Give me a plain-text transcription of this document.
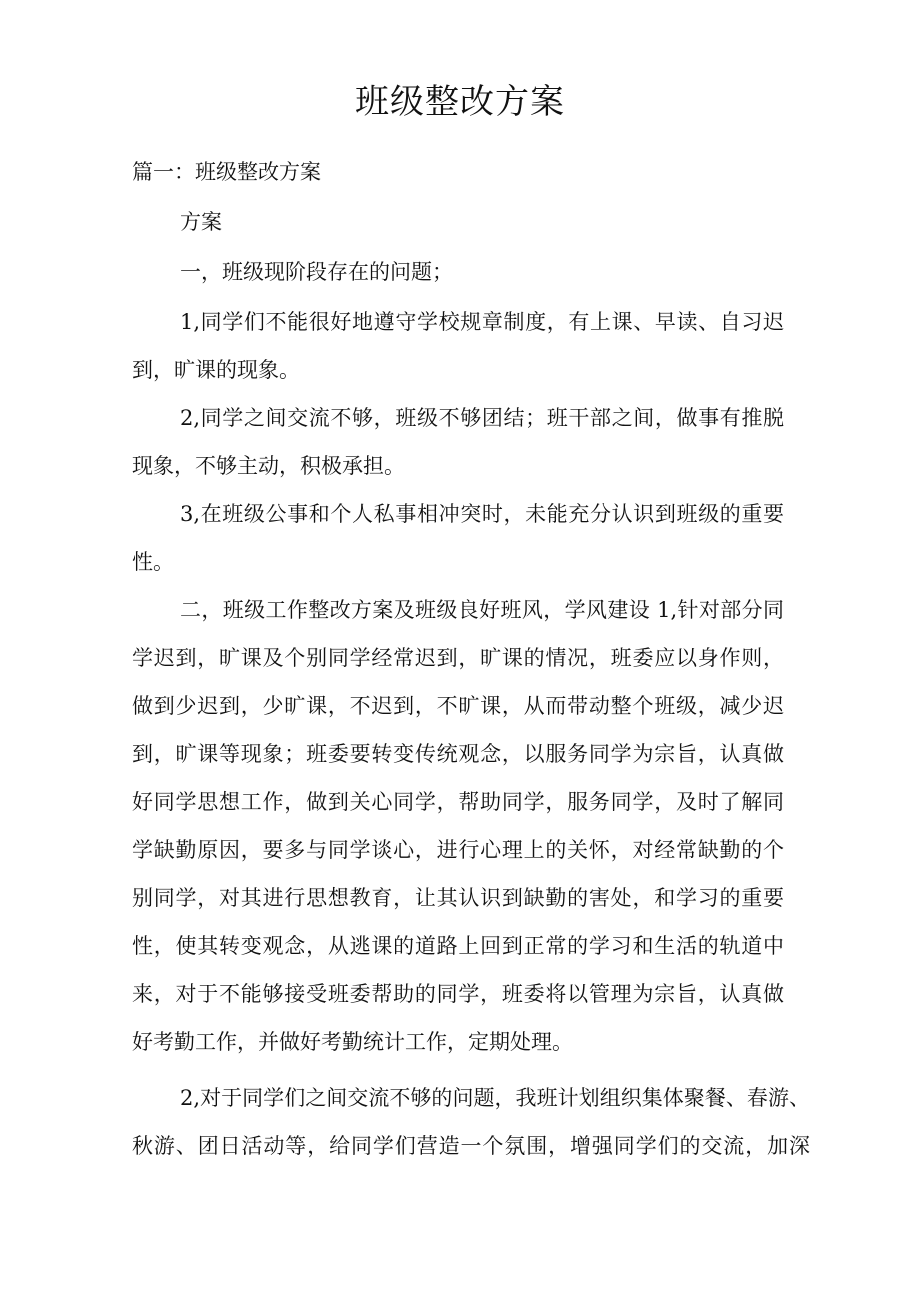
班级整改方案
篇一：班级整改方案
方案
一，班级现阶段存在的问题；
1,同学们不能很好地遵守学校规章制度，有上课、早读、自习迟
到，旷课的现象。
2,同学之间交流不够，班级不够团结；班干部之间，做事有推脱
现象，不够主动，积极承担。
3,在班级公事和个人私事相冲突时，未能充分认识到班级的重要
性。
二，班级工作整改方案及班级良好班风，学风建设 1,针对部分同
学迟到，旷课及个别同学经常迟到，旷课的情况，班委应以身作则，
做到少迟到，少旷课，不迟到，不旷课，从而带动整个班级，减少迟
到，旷课等现象；班委要转变传统观念，以服务同学为宗旨，认真做
好同学思想工作，做到关心同学，帮助同学，服务同学，及时了解同
学缺勤原因，要多与同学谈心，进行心理上的关怀，对经常缺勤的个
别同学，对其进行思想教育，让其认识到缺勤的害处，和学习的重要
性，使其转变观念，从逃课的道路上回到正常的学习和生活的轨道中
来，对于不能够接受班委帮助的同学，班委将以管理为宗旨，认真做
好考勤工作，并做好考勤统计工作，定期处理。
2,对于同学们之间交流不够的问题，我班计划组织集体聚餐、春游、
秋游、团日活动等，给同学们营造一个氛围，增强同学们的交流，加深
